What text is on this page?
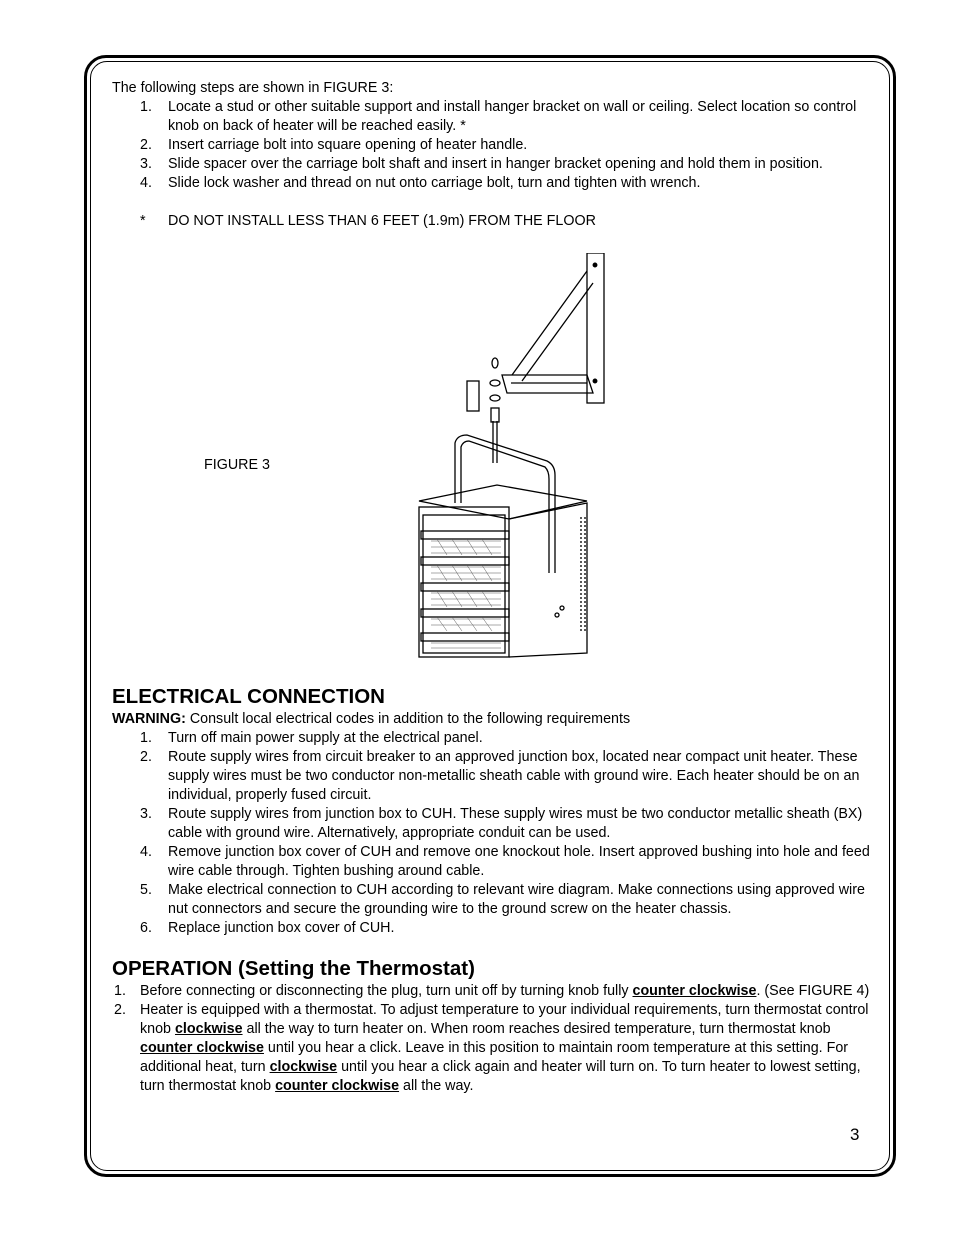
The following steps are shown in FIGURE 3:

1. Locate a stud or other suitable support and install hanger bracket on wall or ceiling. Select location so control knob on back of heater will be reached easily. *
2. Insert carriage bolt into square opening of heater handle.
3. Slide spacer over the carriage bolt shaft and insert in hanger bracket opening and hold them in position.
4. Slide lock washer and thread on nut onto carriage bolt, turn and tighten with wrench.
* DO NOT INSTALL LESS THAN 6 FEET (1.9m) FROM THE FLOOR
FIGURE 3
ELECTRICAL CONNECTION

WARNING: Consult local electrical codes in addition to the following requirements

1. Turn off main power supply at the electrical panel.
2. Route supply wires from circuit breaker to an approved junction box, located near compact unit heater. These supply wires must be two conductor non-metallic sheath cable with ground wire. Each heater should be on an individual, properly fused circuit.
3. Route supply wires from junction box to CUH. These supply wires must be two conductor metallic sheath (BX) cable with ground wire. Alternatively, appropriate conduit can be used.
4. Remove junction box cover of CUH and remove one knockout hole. Insert approved bushing into hole and feed wire cable through. Tighten bushing around cable.
5. Make electrical connection to CUH according to relevant wire diagram. Make connections using approved wire nut connectors and secure the grounding wire to the ground screw on the heater chassis.
6. Replace junction box cover of CUH.
OPERATION (Setting the Thermostat)
1. Before connecting or disconnecting the plug, turn unit off by turning knob fully counter clockwise. (See FIGURE 4)
2. Heater is equipped with a thermostat. To adjust temperature to your individual requirements, turn thermostat control knob clockwise all the way to turn heater on. When room reaches desired temperature, turn thermostat knob counter clockwise until you hear a click. Leave in this position to maintain room temperature at this setting. For additional heat, turn clockwise until you hear a click again and heater will turn on. To turn heater to lowest setting, turn thermostat knob counter clockwise all the way.
3
